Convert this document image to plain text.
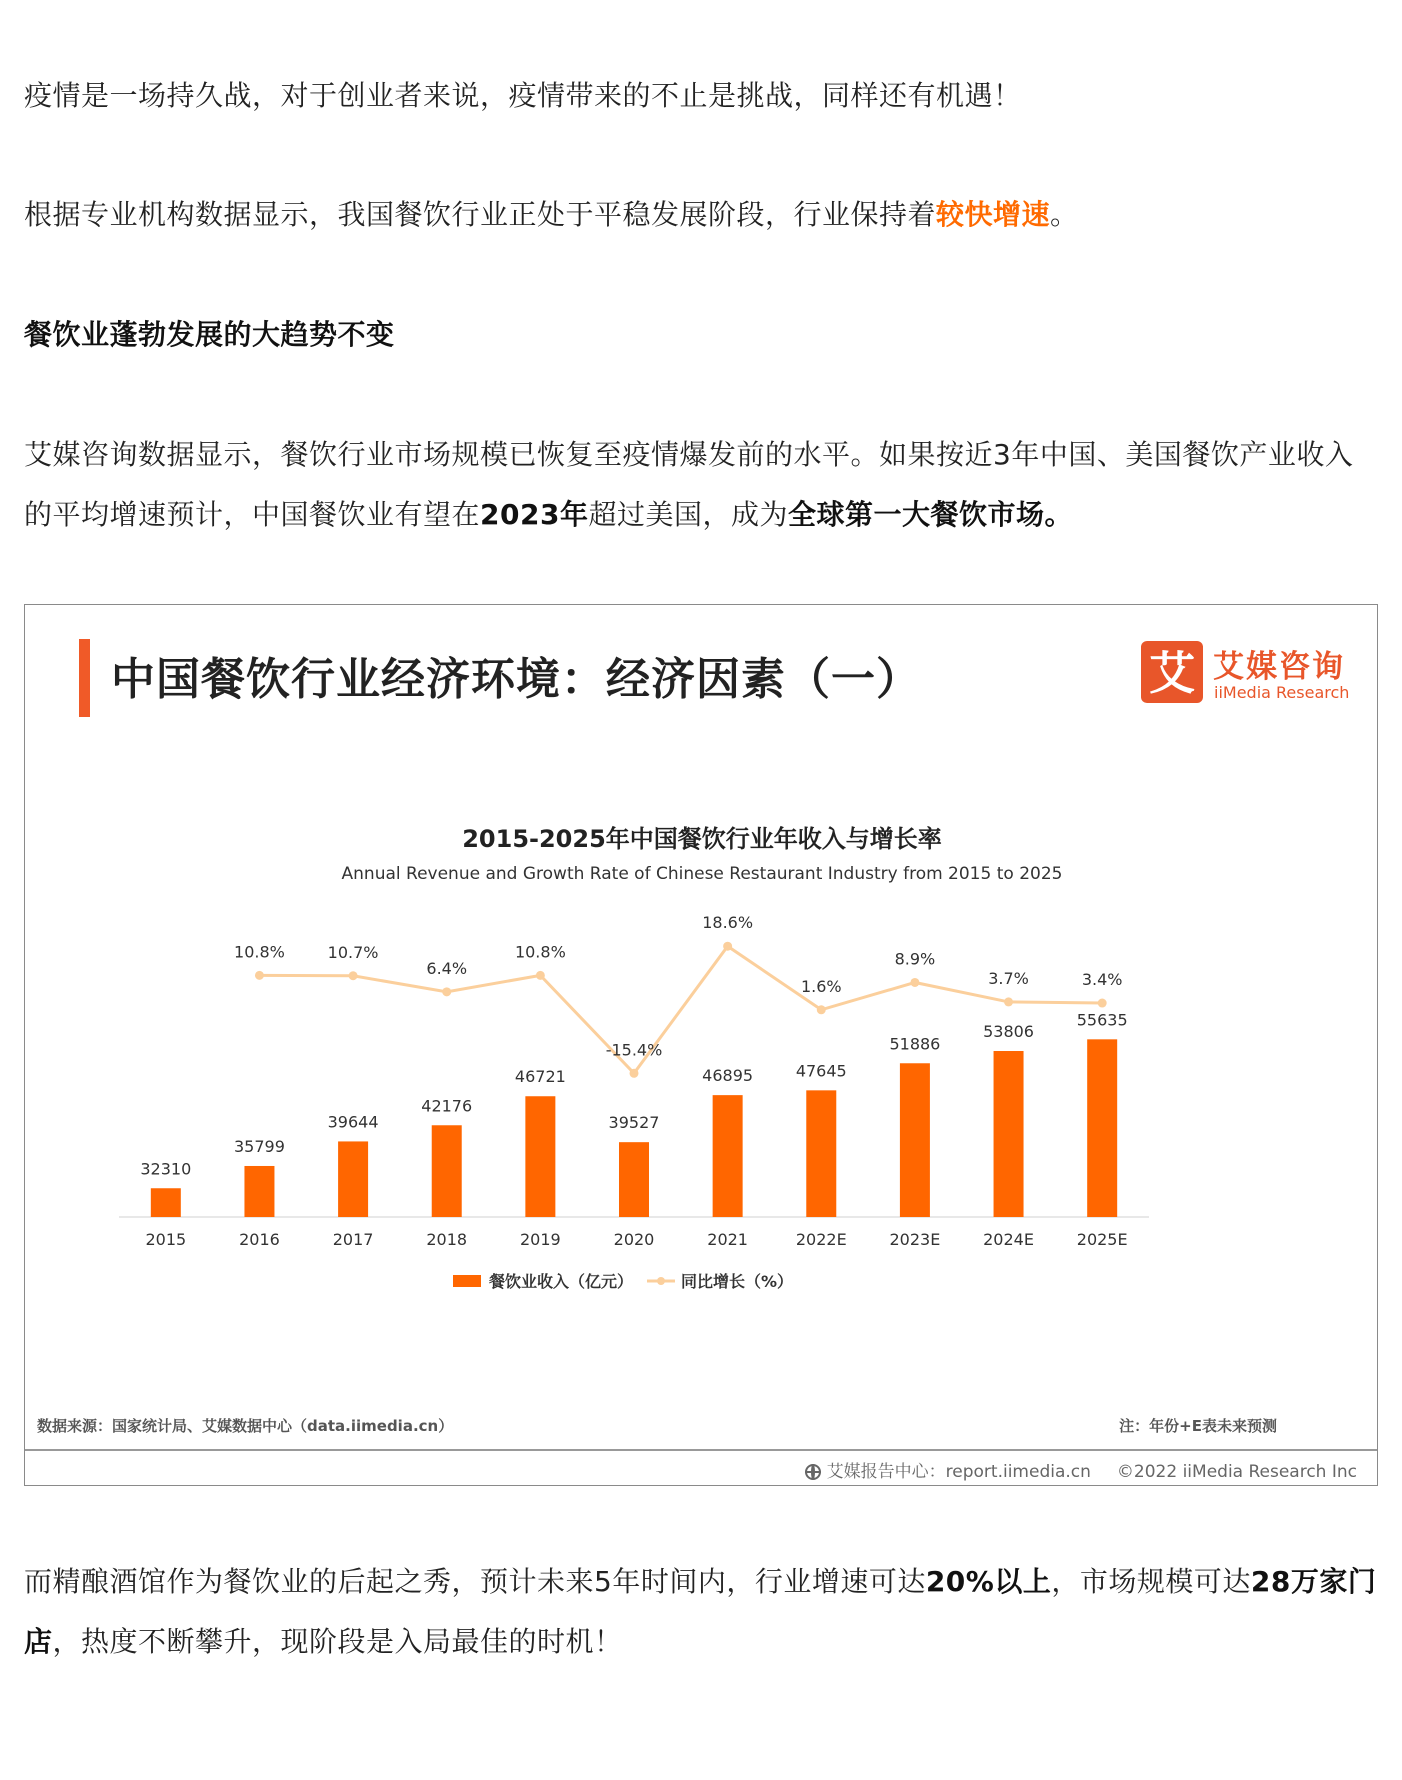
疫情是一场持久战，对于创业者来说，疫情带来的不止是挑战，同样还有机遇！

根据专业机构数据显示，我国餐饮行业正处于平稳发展阶段，行业保持着较快增速。

餐饮业蓬勃发展的大趋势不变

艾媒咨询数据显示，餐饮行业市场规模已恢复至疫情爆发前的水平。如果按近3年中国、美国餐饮产业收入的平均增速预计，中国餐饮业有望在2023年超过美国，成为全球第一大餐饮市场。

中国餐饮行业经济环境：经济因素（一）	艾 艾媒咨询
iiMedia Research
2015-2025年中国餐饮行业年收入与增长率
Annual Revenue and Growth Rate of Chinese Restaurant Industry from 2015 to 2025
32310
2015
35799
2016
39644
2017
42176
2018
46721
2019
39527
2020
46895
2021
47645
2022E
51886
2023E
53806
2024E
55635
2025E
10.8%	10.7%
6.4%
10.8%
-15.4%
18.6%
1.6%
8.9%
3.7%	3.4%
餐饮业收入（亿元）	同比增长（%）
数据来源：国家统计局、艾媒数据中心（data.iimedia.cn）	注：年份+E表未来预测
艾媒报告中心：report.iimedia.cn ©2022 iiMedia Research Inc

而精酿酒馆作为餐饮业的后起之秀，预计未来5年时间内，行业增速可达20%以上，市场规模可达28万家门店，热度不断攀升，现阶段是入局最佳的时机！
